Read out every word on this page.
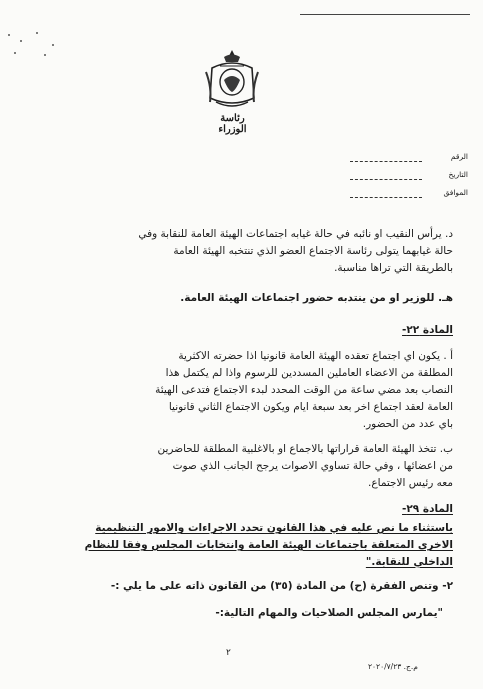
رئاسة الوزراء
الرقم
التاريخ
الموافق
د. يرأس النقيب او نائبه في حالة غيابه اجتماعات الهيئة العامة للنقابة وفي
حالة غيابهما يتولى رئاسة الاجتماع العضو الذي تنتخبه الهيئة العامة
بالطريقة التي تراها مناسبة.
هـ. للوزير او من ينتدبه حضور اجتماعات الهيئة العامة.
المادة ٢٢-
أ . يكون اي اجتماع تعقده الهيئة العامة قانونيا اذا حضرته الاكثرية
المطلقة من الاعضاء العاملين المسددين للرسوم واذا لم يكتمل هذا
النصاب بعد مضي ساعة من الوقت المحدد لبدء الاجتماع فتدعى الهيئة
العامة لعقد اجتماع اخر بعد سبعة ايام ويكون الاجتماع الثاني قانونيا
باي عدد من الحضور.
ب. تتخذ الهيئة العامة قراراتها بالاجماع او بالاغلبية المطلقة للحاضرين
من اعضائها ، وفي حالة تساوي الاصوات يرجح الجانب الذي صوت
معه رئيس الاجتماع.
المادة ٢٩-
باستثناء ما نص عليه في هذا القانون تحدد الاجراءات والامور التنظيمية
الاخرى المتعلقة باجتماعات الهيئة العامة وانتخابات المجلس وفقا للنظام
الداخلي للنقابة."
٢- وتنص الفقرة (ح) من المادة (٣٥) من القانون ذاته على ما يلي :-
"يمارس المجلس الصلاحيات والمهام التالية:-
٢
م.ج. ٢٠٢٠/٧/٢٣
